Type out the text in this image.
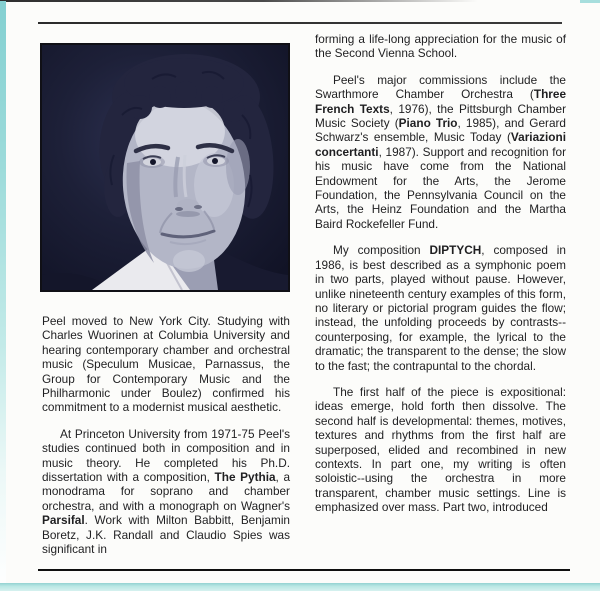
Peel moved to New York City. Studying with Charles Wuorinen at Columbia University and hearing contemporary chamber and orchestral music (Speculum Musicae, Parnassus, the Group for Contemporary Music and the Philharmonic under Boulez) confirmed his commitment to a modernist musical aesthetic.

At Princeton University from 1971-75 Peel's studies continued both in composition and in music theory. He completed his Ph.D. dissertation with a composition, The Pythia, a monodrama for soprano and chamber orchestra, and with a monograph on Wagner's Parsifal. Work with Milton Babbitt, Benjamin Boretz, J.K. Randall and Claudio Spies was significant in

forming a life-long appreciation for the music of the Second Vienna School.

Peel's major commissions include the Swarthmore Chamber Orchestra (Three French Texts, 1976), the Pittsburgh Chamber Music Society (Piano Trio, 1985), and Gerard Schwarz's ensemble, Music Today (Variazioni concertanti, 1987). Support and recognition for his music have come from the National Endowment for the Arts, the Jerome Foundation, the Pennsylvania Council on the Arts, the Heinz Foundation and the Martha Baird Rockefeller Fund.

My composition DIPTYCH, composed in 1986, is best described as a symphonic poem in two parts, played without pause. However, unlike nineteenth century examples of this form, no literary or pictorial program guides the flow; instead, the unfolding proceeds by contrasts--counterposing, for example, the lyrical to the dramatic; the transparent to the dense; the slow to the fast; the contrapuntal to the chordal.

The first half of the piece is expositional: ideas emerge, hold forth then dissolve. The second half is developmental: themes, motives, textures and rhythms from the first half are superposed, elided and recombined in new contexts. In part one, my writing is often soloistic--using the orchestra in more transparent, chamber music settings. Line is emphasized over mass. Part two, introduced
